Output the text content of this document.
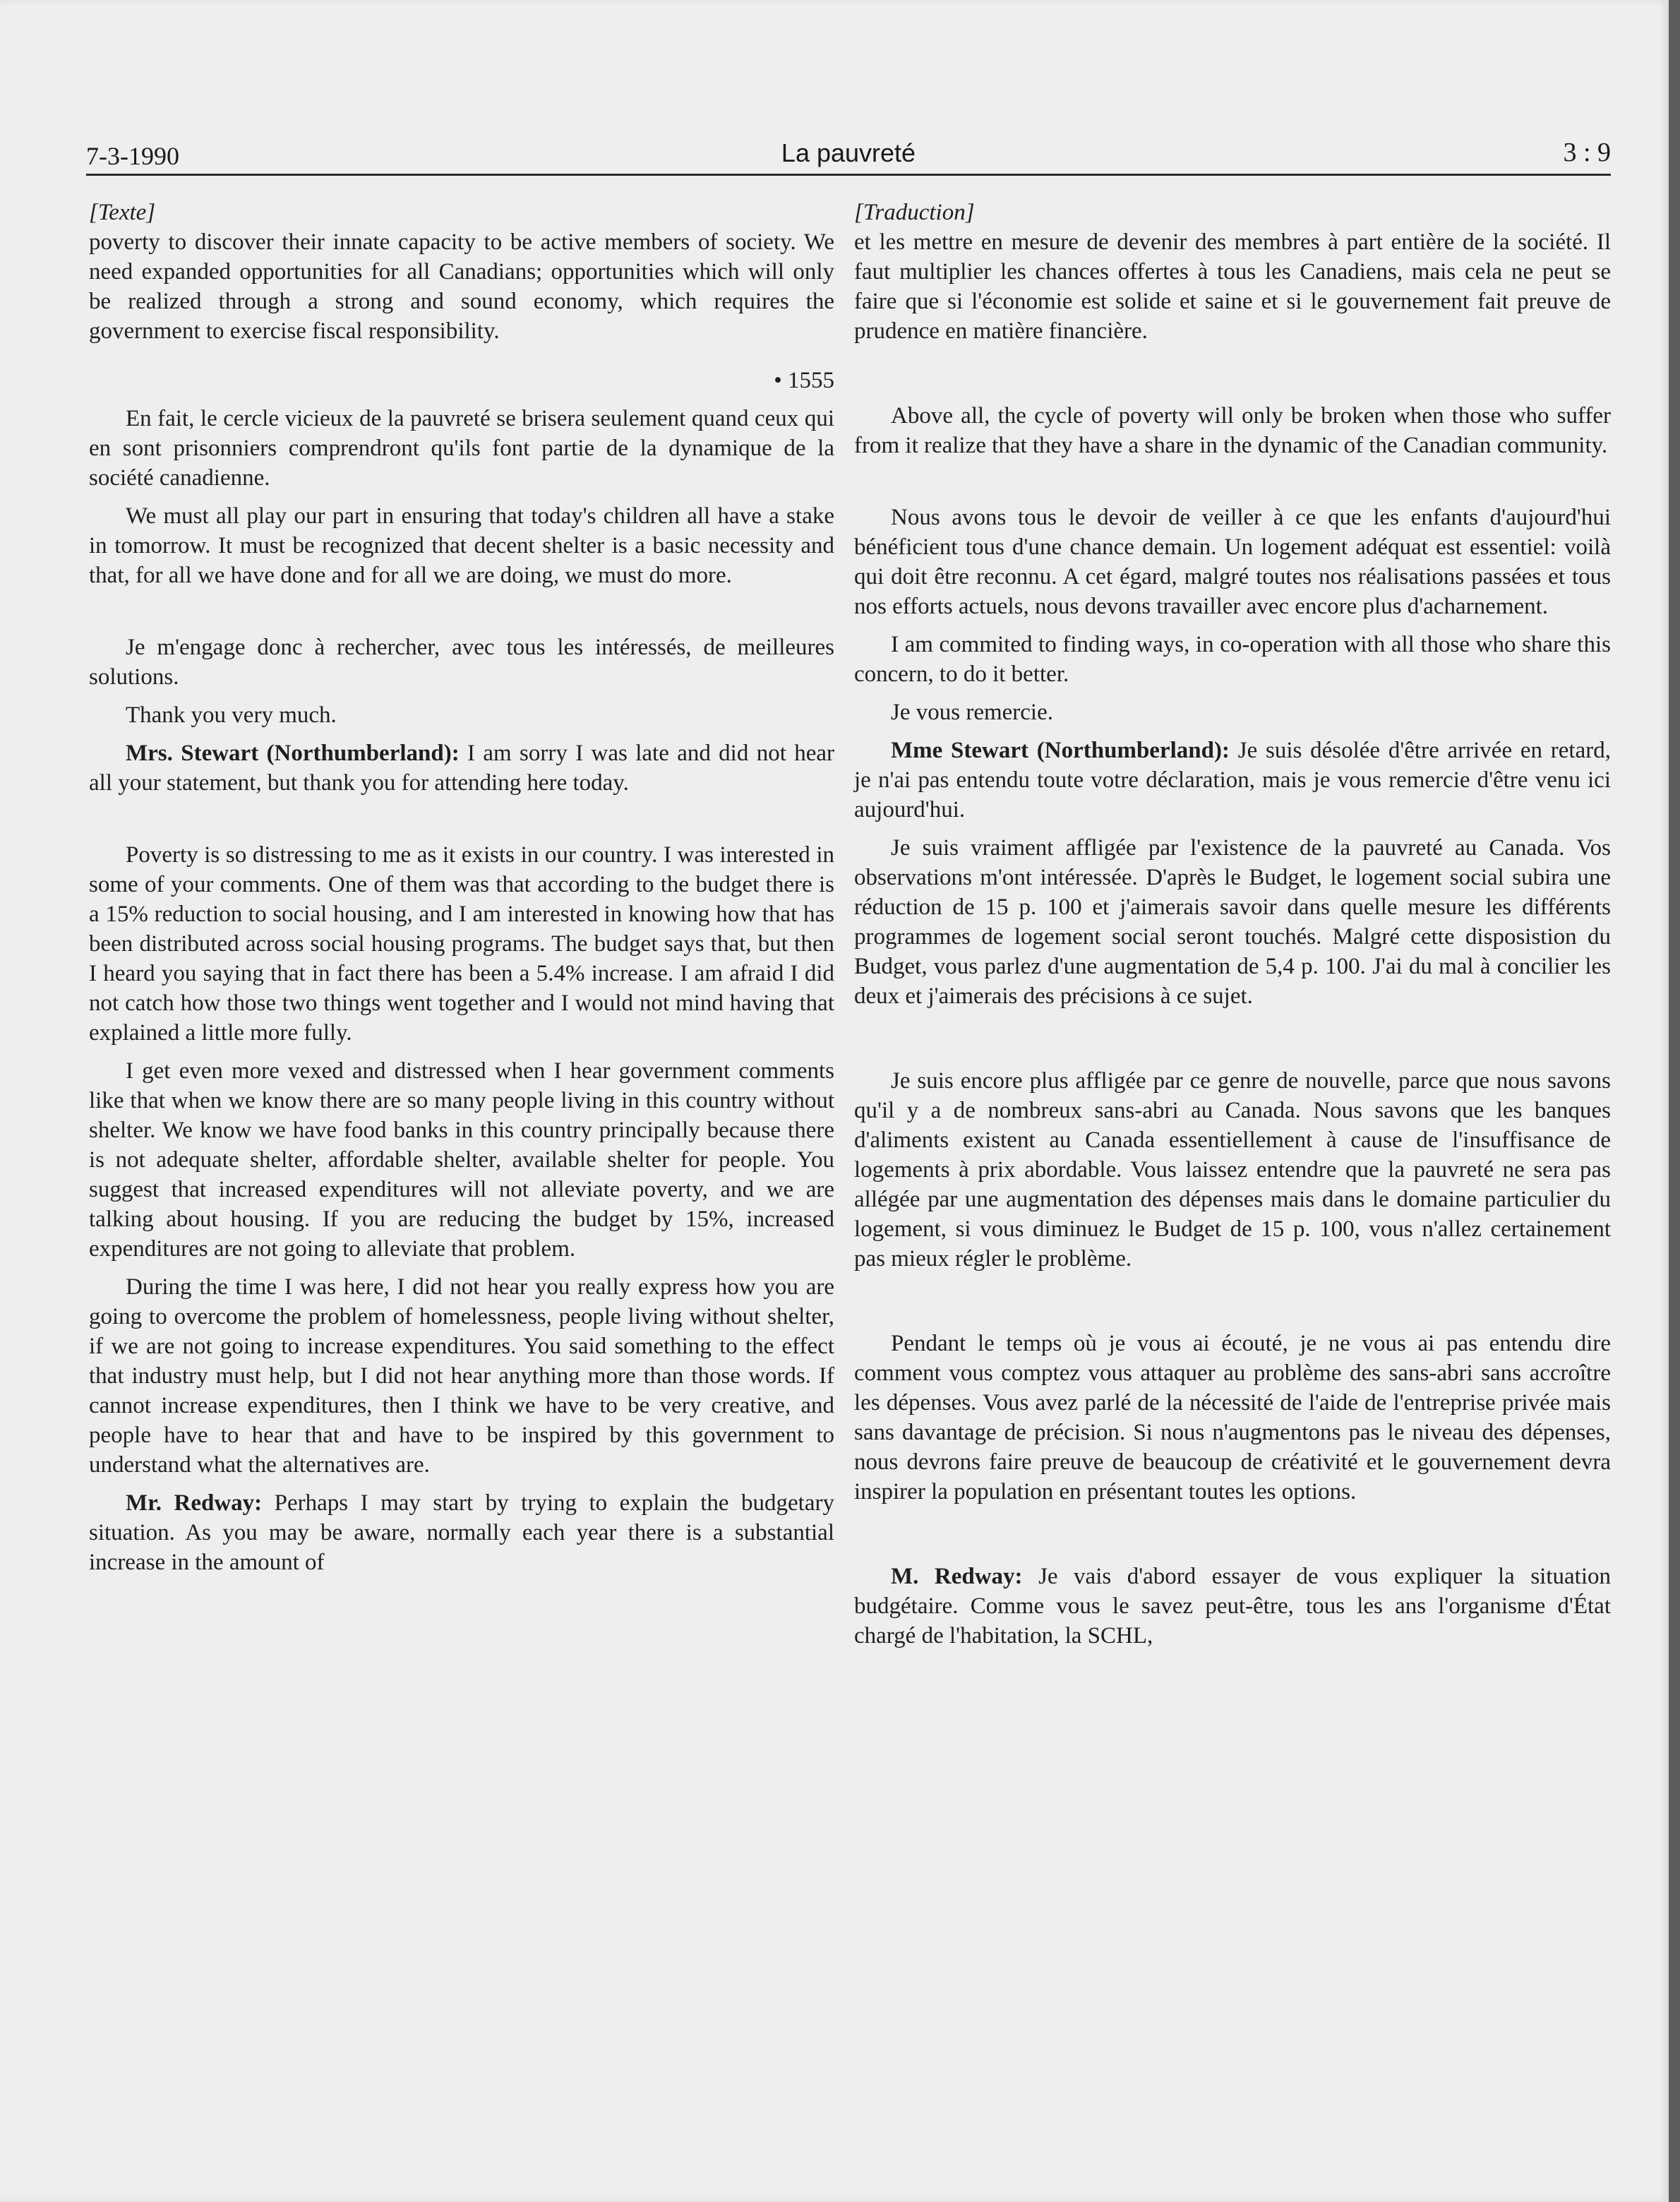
7-3-1990	La pauvreté	3 : 9

[Texte]

poverty to discover their innate capacity to be active members of society. We need expanded opportunities for all Canadians; opportunities which will only be realized through a strong and sound economy, which requires the government to exercise fiscal responsibility.

• 1555

En fait, le cercle vicieux de la pauvreté se brisera seulement quand ceux qui en sont prisonniers comprendront qu'ils font partie de la dynamique de la société canadienne.

We must all play our part in ensuring that today's children all have a stake in tomorrow. It must be recognized that decent shelter is a basic necessity and that, for all we have done and for all we are doing, we must do more.

Je m'engage donc à rechercher, avec tous les intéressés, de meilleures solutions.

Thank you very much.

Mrs. Stewart (Northumberland): I am sorry I was late and did not hear all your statement, but thank you for attending here today.

Poverty is so distressing to me as it exists in our country. I was interested in some of your comments. One of them was that according to the budget there is a 15% reduction to social housing, and I am interested in knowing how that has been distributed across social housing programs. The budget says that, but then I heard you saying that in fact there has been a 5.4% increase. I am afraid I did not catch how those two things went together and I would not mind having that explained a little more fully.

I get even more vexed and distressed when I hear government comments like that when we know there are so many people living in this country without shelter. We know we have food banks in this country principally because there is not adequate shelter, affordable shelter, available shelter for people. You suggest that increased expenditures will not alleviate poverty, and we are talking about housing. If you are reducing the budget by 15%, increased expenditures are not going to alleviate that problem.

During the time I was here, I did not hear you really express how you are going to overcome the problem of homelessness, people living without shelter, if we are not going to increase expenditures. You said something to the effect that industry must help, but I did not hear anything more than those words. If cannot increase expenditures, then I think we have to be very creative, and people have to hear that and have to be inspired by this government to understand what the alternatives are.

Mr. Redway: Perhaps I may start by trying to explain the budgetary situation. As you may be aware, normally each year there is a substantial increase in the amount of

[Traduction]

et les mettre en mesure de devenir des membres à part entière de la société. Il faut multiplier les chances offertes à tous les Canadiens, mais cela ne peut se faire que si l'économie est solide et saine et si le gouvernement fait preuve de prudence en matière financière.

Above all, the cycle of poverty will only be broken when those who suffer from it realize that they have a share in the dynamic of the Canadian community.

Nous avons tous le devoir de veiller à ce que les enfants d'aujourd'hui bénéficient tous d'une chance demain. Un logement adéquat est essentiel: voilà qui doit être reconnu. A cet égard, malgré toutes nos réalisations passées et tous nos efforts actuels, nous devons travailler avec encore plus d'acharnement.

I am commited to finding ways, in co-operation with all those who share this concern, to do it better.

Je vous remercie.

Mme Stewart (Northumberland): Je suis désolée d'être arrivée en retard, je n'ai pas entendu toute votre déclaration, mais je vous remercie d'être venu ici aujourd'hui.

Je suis vraiment affligée par l'existence de la pauvreté au Canada. Vos observations m'ont intéressée. D'après le Budget, le logement social subira une réduction de 15 p. 100 et j'aimerais savoir dans quelle mesure les différents programmes de logement social seront touchés. Malgré cette disposistion du Budget, vous parlez d'une augmentation de 5,4 p. 100. J'ai du mal à concilier les deux et j'aimerais des précisions à ce sujet.

Je suis encore plus affligée par ce genre de nouvelle, parce que nous savons qu'il y a de nombreux sans-abri au Canada. Nous savons que les banques d'aliments existent au Canada essentiellement à cause de l'insuffisance de logements à prix abordable. Vous laissez entendre que la pauvreté ne sera pas allégée par une augmentation des dépenses mais dans le domaine particulier du logement, si vous diminuez le Budget de 15 p. 100, vous n'allez certainement pas mieux régler le problème.

Pendant le temps où je vous ai écouté, je ne vous ai pas entendu dire comment vous comptez vous attaquer au problème des sans-abri sans accroître les dépenses. Vous avez parlé de la nécessité de l'aide de l'entreprise privée mais sans davantage de précision. Si nous n'augmentons pas le niveau des dépenses, nous devrons faire preuve de beaucoup de créativité et le gouvernement devra inspirer la population en présentant toutes les options.

M. Redway: Je vais d'abord essayer de vous expliquer la situation budgétaire. Comme vous le savez peut-être, tous les ans l'organisme d'État chargé de l'habitation, la SCHL,
